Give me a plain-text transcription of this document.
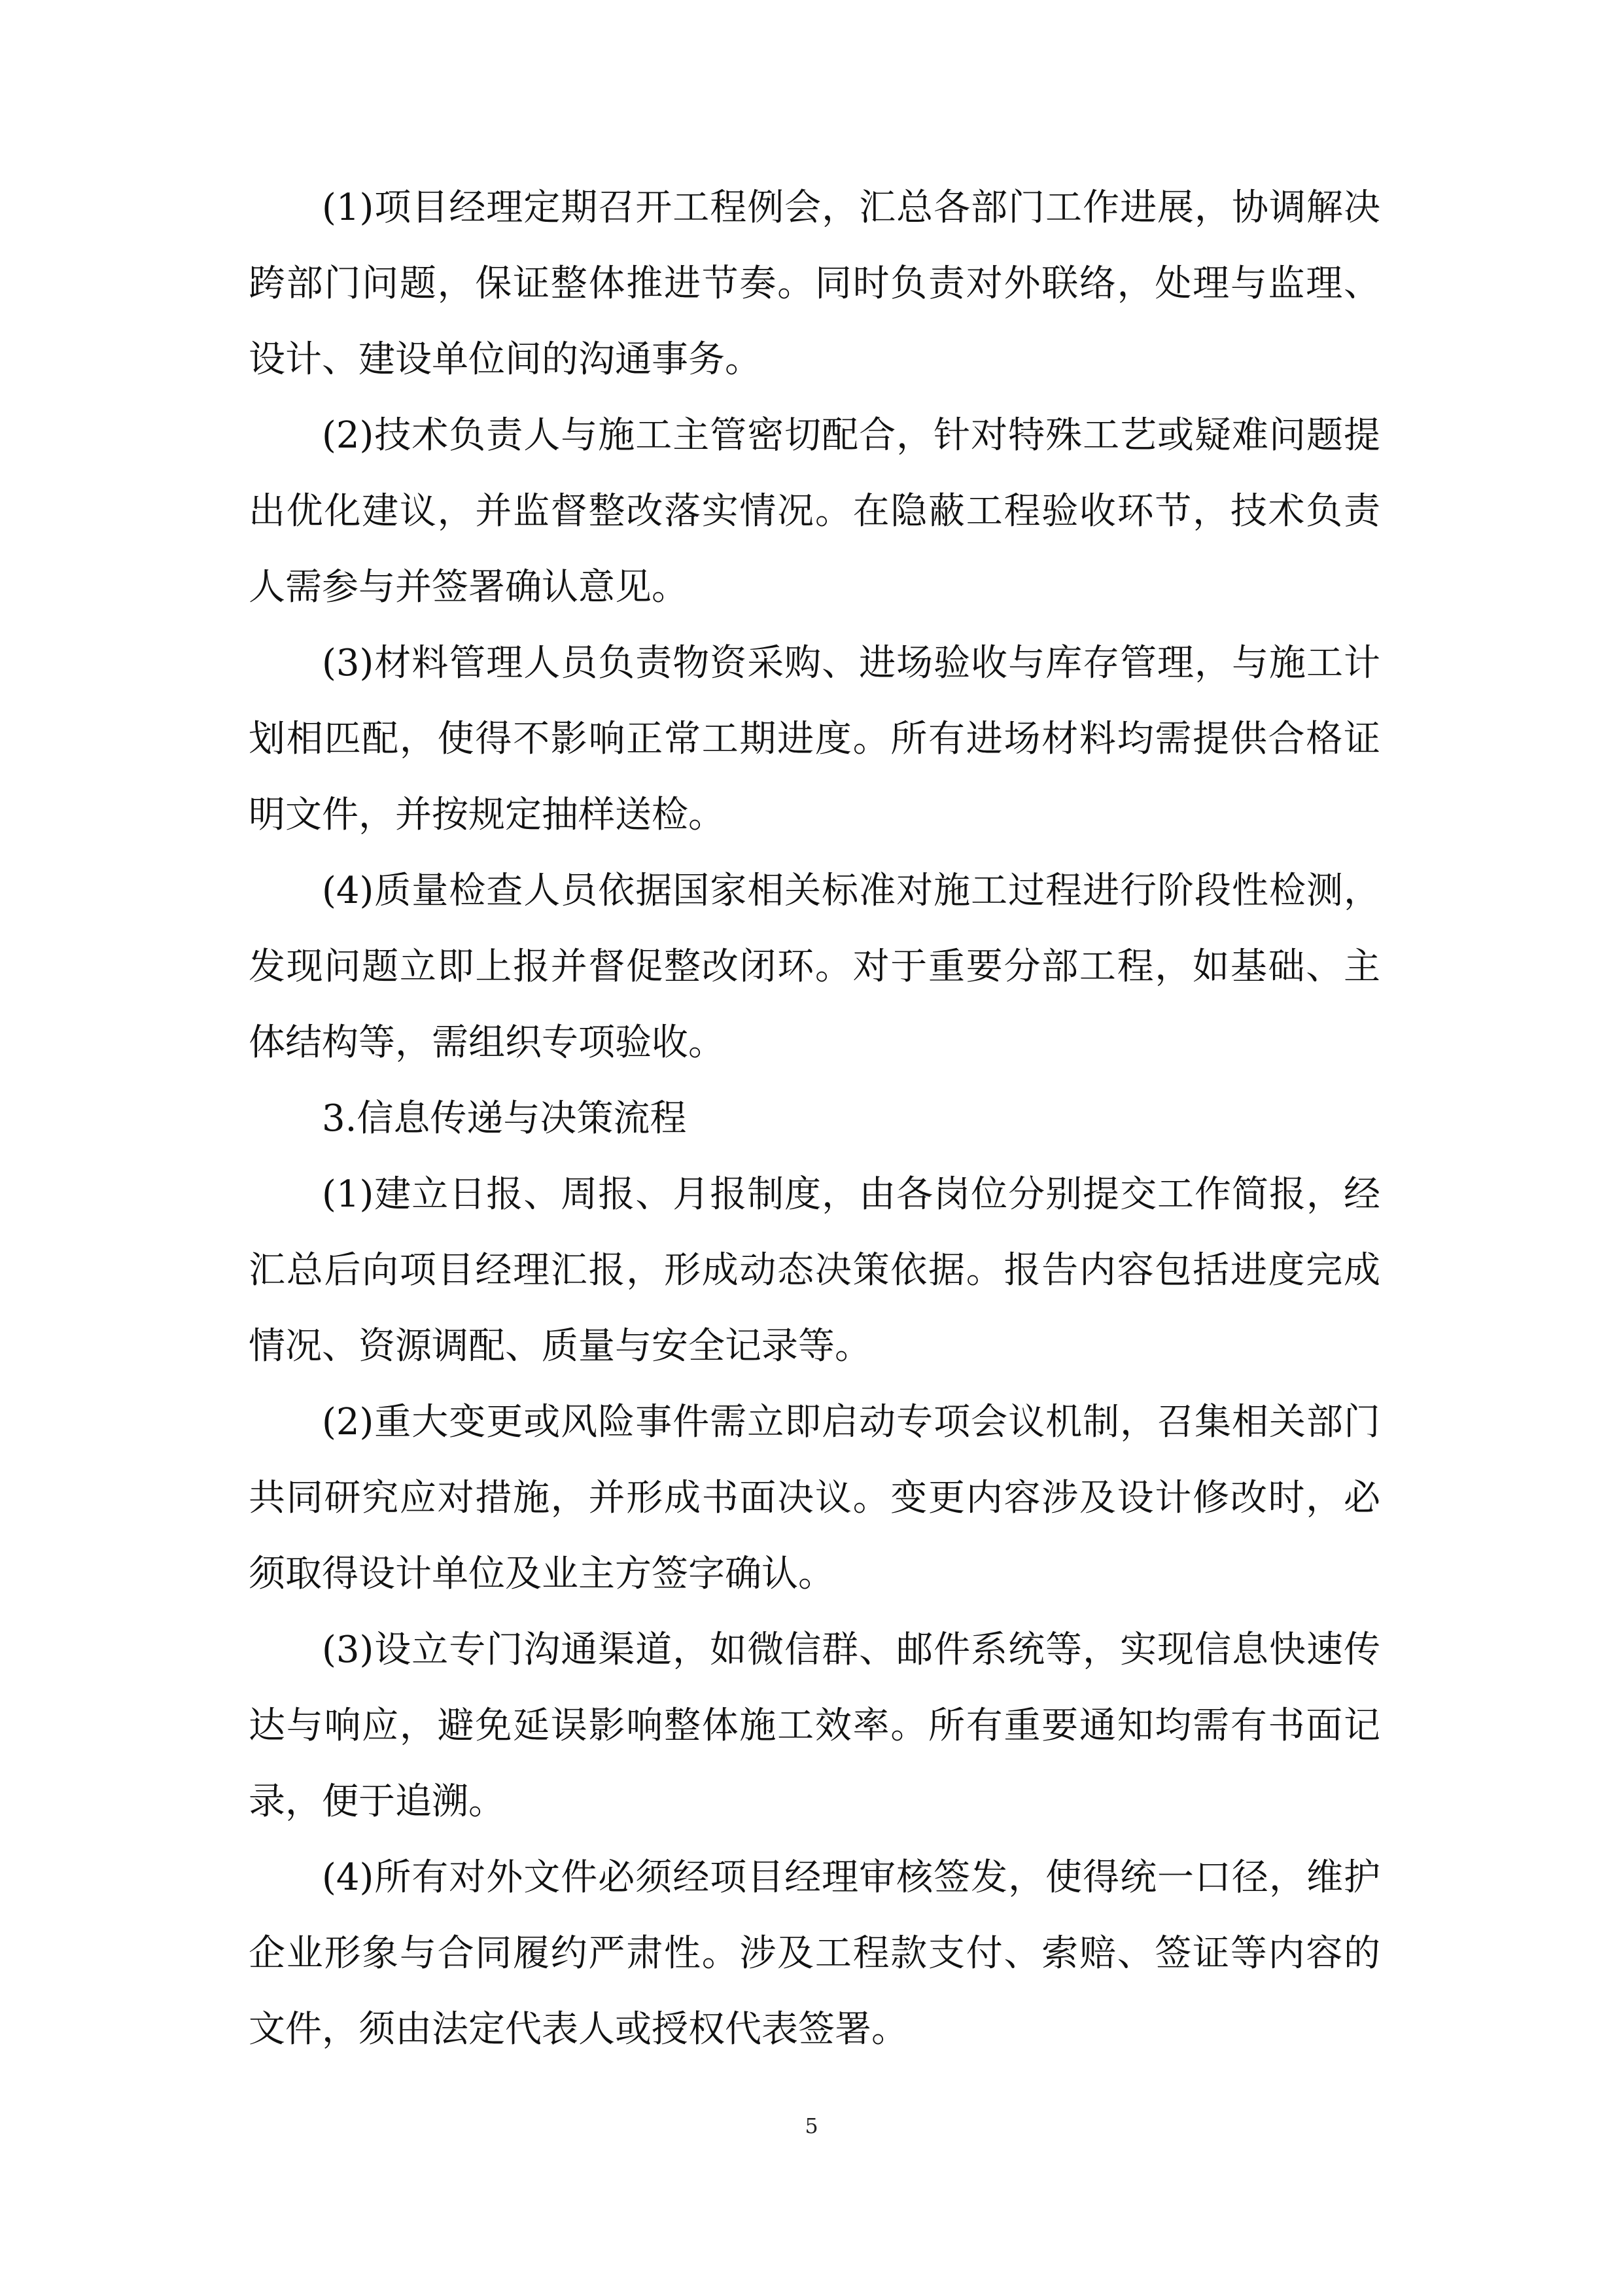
(1)项目经理定期召开工程例会，汇总各部门工作进展，协调解决跨部门问题，保证整体推进节奏。同时负责对外联络，处理与监理、设计、建设单位间的沟通事务。

(2)技术负责人与施工主管密切配合，针对特殊工艺或疑难问题提出优化建议，并监督整改落实情况。在隐蔽工程验收环节，技术负责人需参与并签署确认意见。

(3)材料管理人员负责物资采购、进场验收与库存管理，与施工计划相匹配，使得不影响正常工期进度。所有进场材料均需提供合格证明文件，并按规定抽样送检。

(4)质量检查人员依据国家相关标准对施工过程进行阶段性检测，发现问题立即上报并督促整改闭环。对于重要分部工程，如基础、主体结构等，需组织专项验收。

3.信息传递与决策流程

(1)建立日报、周报、月报制度，由各岗位分别提交工作简报，经汇总后向项目经理汇报，形成动态决策依据。报告内容包括进度完成情况、资源调配、质量与安全记录等。

(2)重大变更或风险事件需立即启动专项会议机制，召集相关部门共同研究应对措施，并形成书面决议。变更内容涉及设计修改时，必须取得设计单位及业主方签字确认。

(3)设立专门沟通渠道，如微信群、邮件系统等，实现信息快速传达与响应，避免延误影响整体施工效率。所有重要通知均需有书面记录，便于追溯。

(4)所有对外文件必须经项目经理审核签发，使得统一口径，维护企业形象与合同履约严肃性。涉及工程款支付、索赔、签证等内容的文件，须由法定代表人或授权代表签署。

5
